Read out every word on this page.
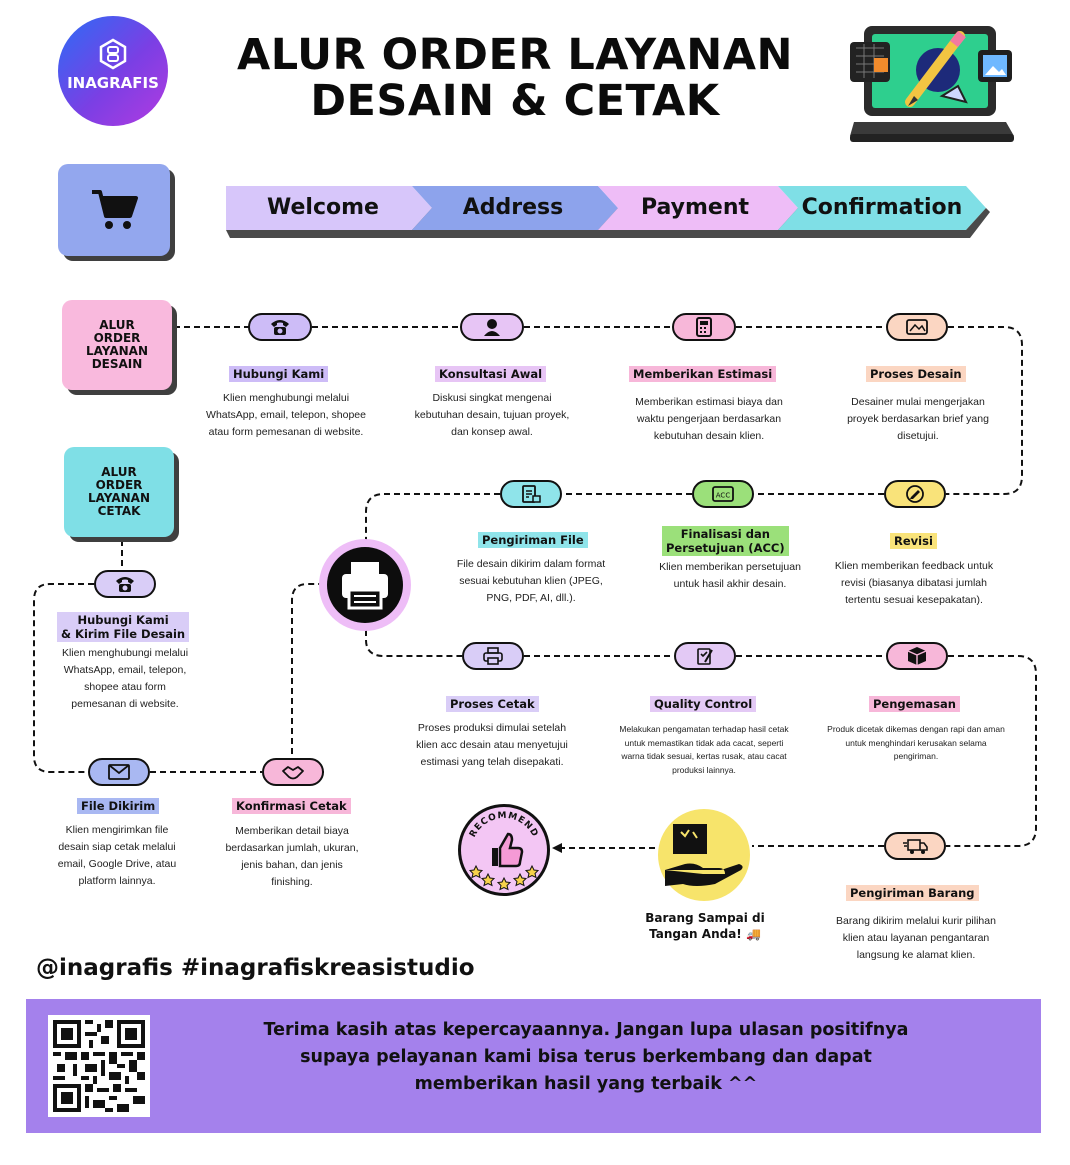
INAGRAFIS
ALUR ORDER LAYANAN
DESAIN & CETAK
Welcome	Address	Payment	Confirmation
ALUR ORDER LAYANAN DESAIN
ALUR ORDER LAYANAN CETAK
Hubungi Kami
Klien menghubungi melalui WhatsApp, email, telepon, shopee atau form pemesanan di website.
Konsultasi Awal
Diskusi singkat mengenai kebutuhan desain, tujuan proyek, dan konsep awal.
Memberikan Estimasi
Memberikan estimasi biaya dan waktu pengerjaan berdasarkan kebutuhan desain klien.
Proses Desain
Desainer mulai mengerjakan proyek berdasarkan brief yang disetujui.
Revisi
Klien memberikan feedback untuk revisi (biasanya dibatasi jumlah tertentu sesuai kesepakatan).
ACC
Finalisasi dan
Persetujuan (ACC)
Klien memberikan persetujuan untuk hasil akhir desain.
Pengiriman File
File desain dikirim dalam format sesuai kebutuhan klien (JPEG, PNG, PDF, AI, dll.).
Hubungi Kami
& Kirim File Desain
Klien menghubungi melalui WhatsApp, email, telepon, shopee atau form pemesanan di website.
File Dikirim
Klien mengirimkan file desain siap cetak melalui email, Google Drive, atau platform lainnya.
Konfirmasi Cetak
Memberikan detail biaya berdasarkan jumlah, ukuran, jenis bahan, dan jenis finishing.
Proses Cetak
Proses produksi dimulai setelah klien acc desain atau menyetujui estimasi yang telah disepakati.
Quality Control
Melakukan pengamatan terhadap hasil cetak untuk memastikan tidak ada cacat, seperti warna tidak sesuai, kertas rusak, atau cacat produksi lainnya.
Pengemasan
Produk dicetak dikemas dengan rapi dan aman untuk menghindari kerusakan selama pengiriman.
Pengiriman Barang
Barang dikirim melalui kurir pilihan klien atau layanan pengantaran langsung ke alamat klien.
Barang Sampai di
Tangan Anda! 🚚
RECOMMEND
@inagrafis #inagrafiskreasistudio
Terima kasih atas kepercayaannya. Jangan lupa ulasan positifnya
supaya pelayanan kami bisa terus berkembang dan dapat
memberikan hasil yang terbaik ^^
